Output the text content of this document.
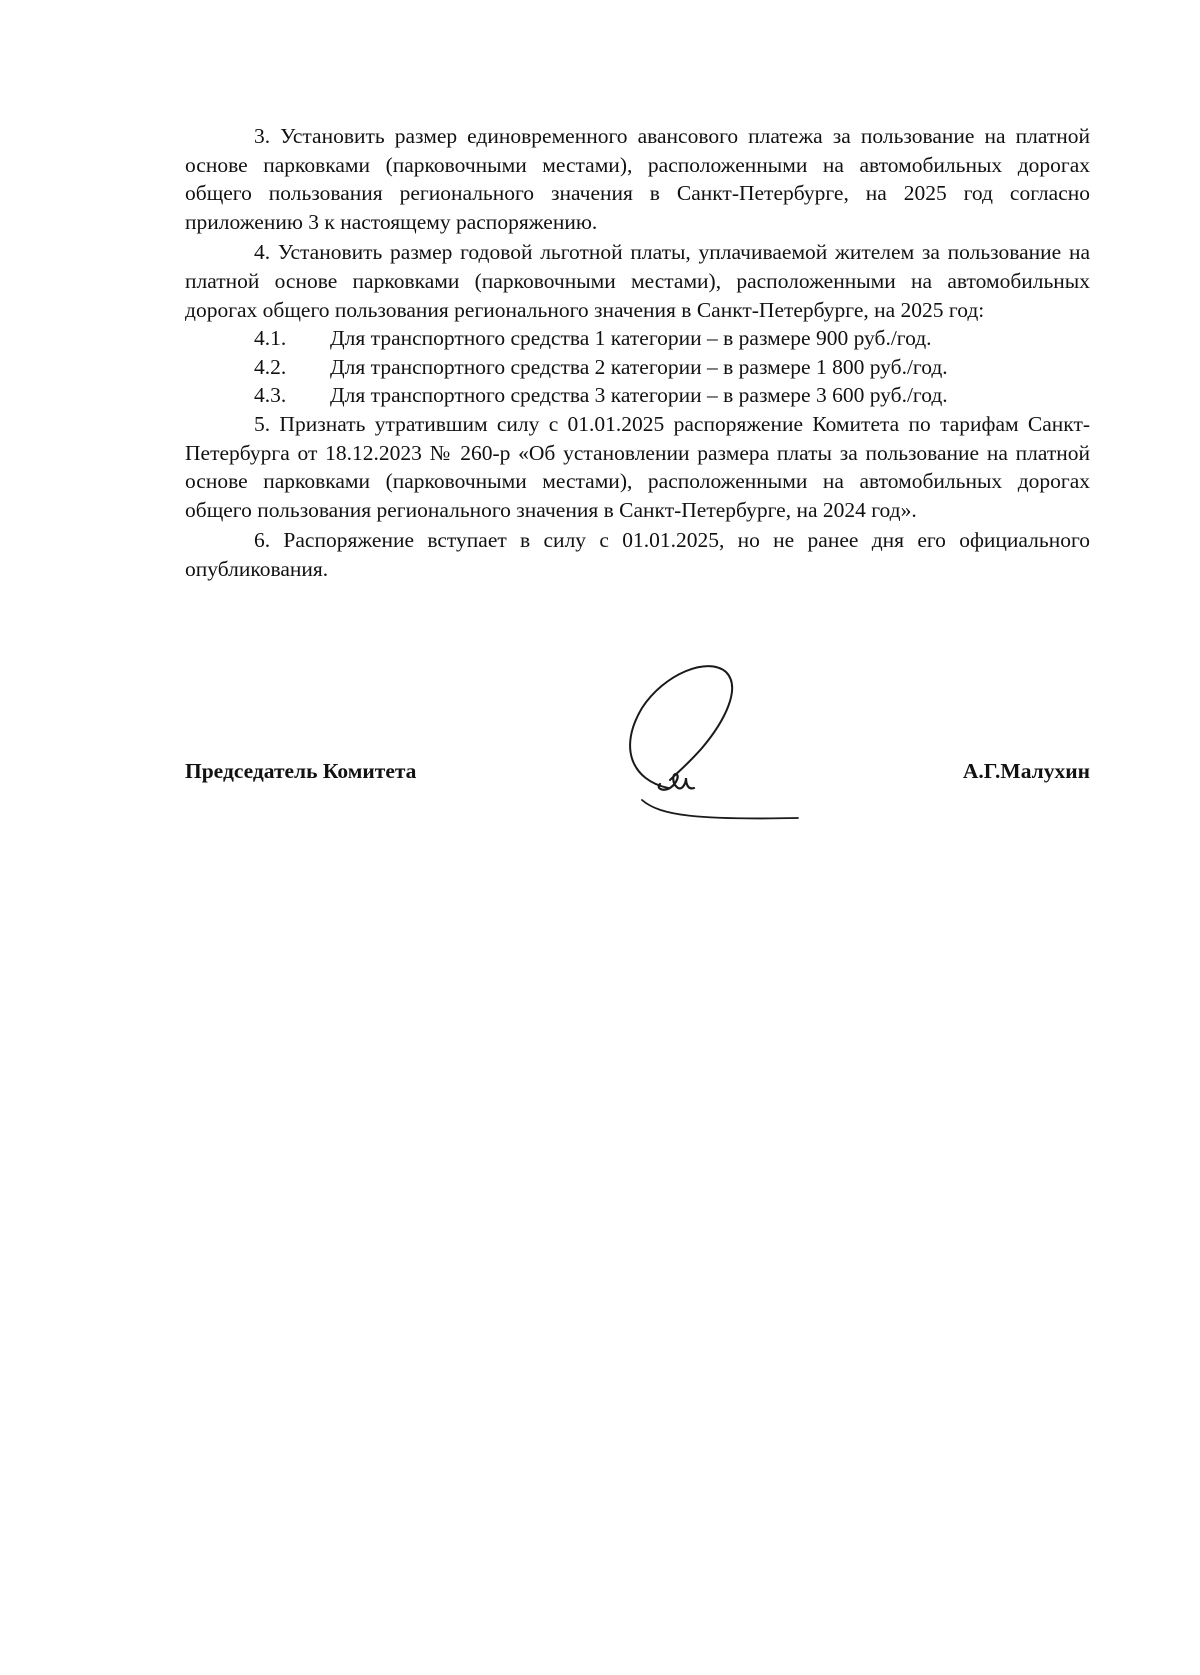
3. Установить размер единовременного авансового платежа за пользование на платной основе парковками (парковочными местами), расположенными на автомобильных дорогах общего пользования регионального значения в Санкт-Петербурге, на 2025 год согласно приложению 3 к настоящему распоряжению.

4. Установить размер годовой льготной платы, уплачиваемой жителем за пользование на платной основе парковками (парковочными местами), расположенными на автомобильных дорогах общего пользования регионального значения в Санкт-Петербурге, на 2025 год:

4.1. Для транспортного средства 1 категории – в размере 900 руб./год.

4.2. Для транспортного средства 2 категории – в размере 1 800 руб./год.

4.3. Для транспортного средства 3 категории – в размере 3 600 руб./год.

5. Признать утратившим силу с 01.01.2025 распоряжение Комитета по тарифам Санкт-Петербурга от 18.12.2023 № 260-р «Об установлении размера платы за пользование на платной основе парковками (парковочными местами), расположенными на автомобильных дорогах общего пользования регионального значения в Санкт-Петербурге, на 2024 год».

6. Распоряжение вступает в силу с 01.01.2025, но не ранее дня его официального опубликования.

Председатель Комитета	А.Г.Малухин
